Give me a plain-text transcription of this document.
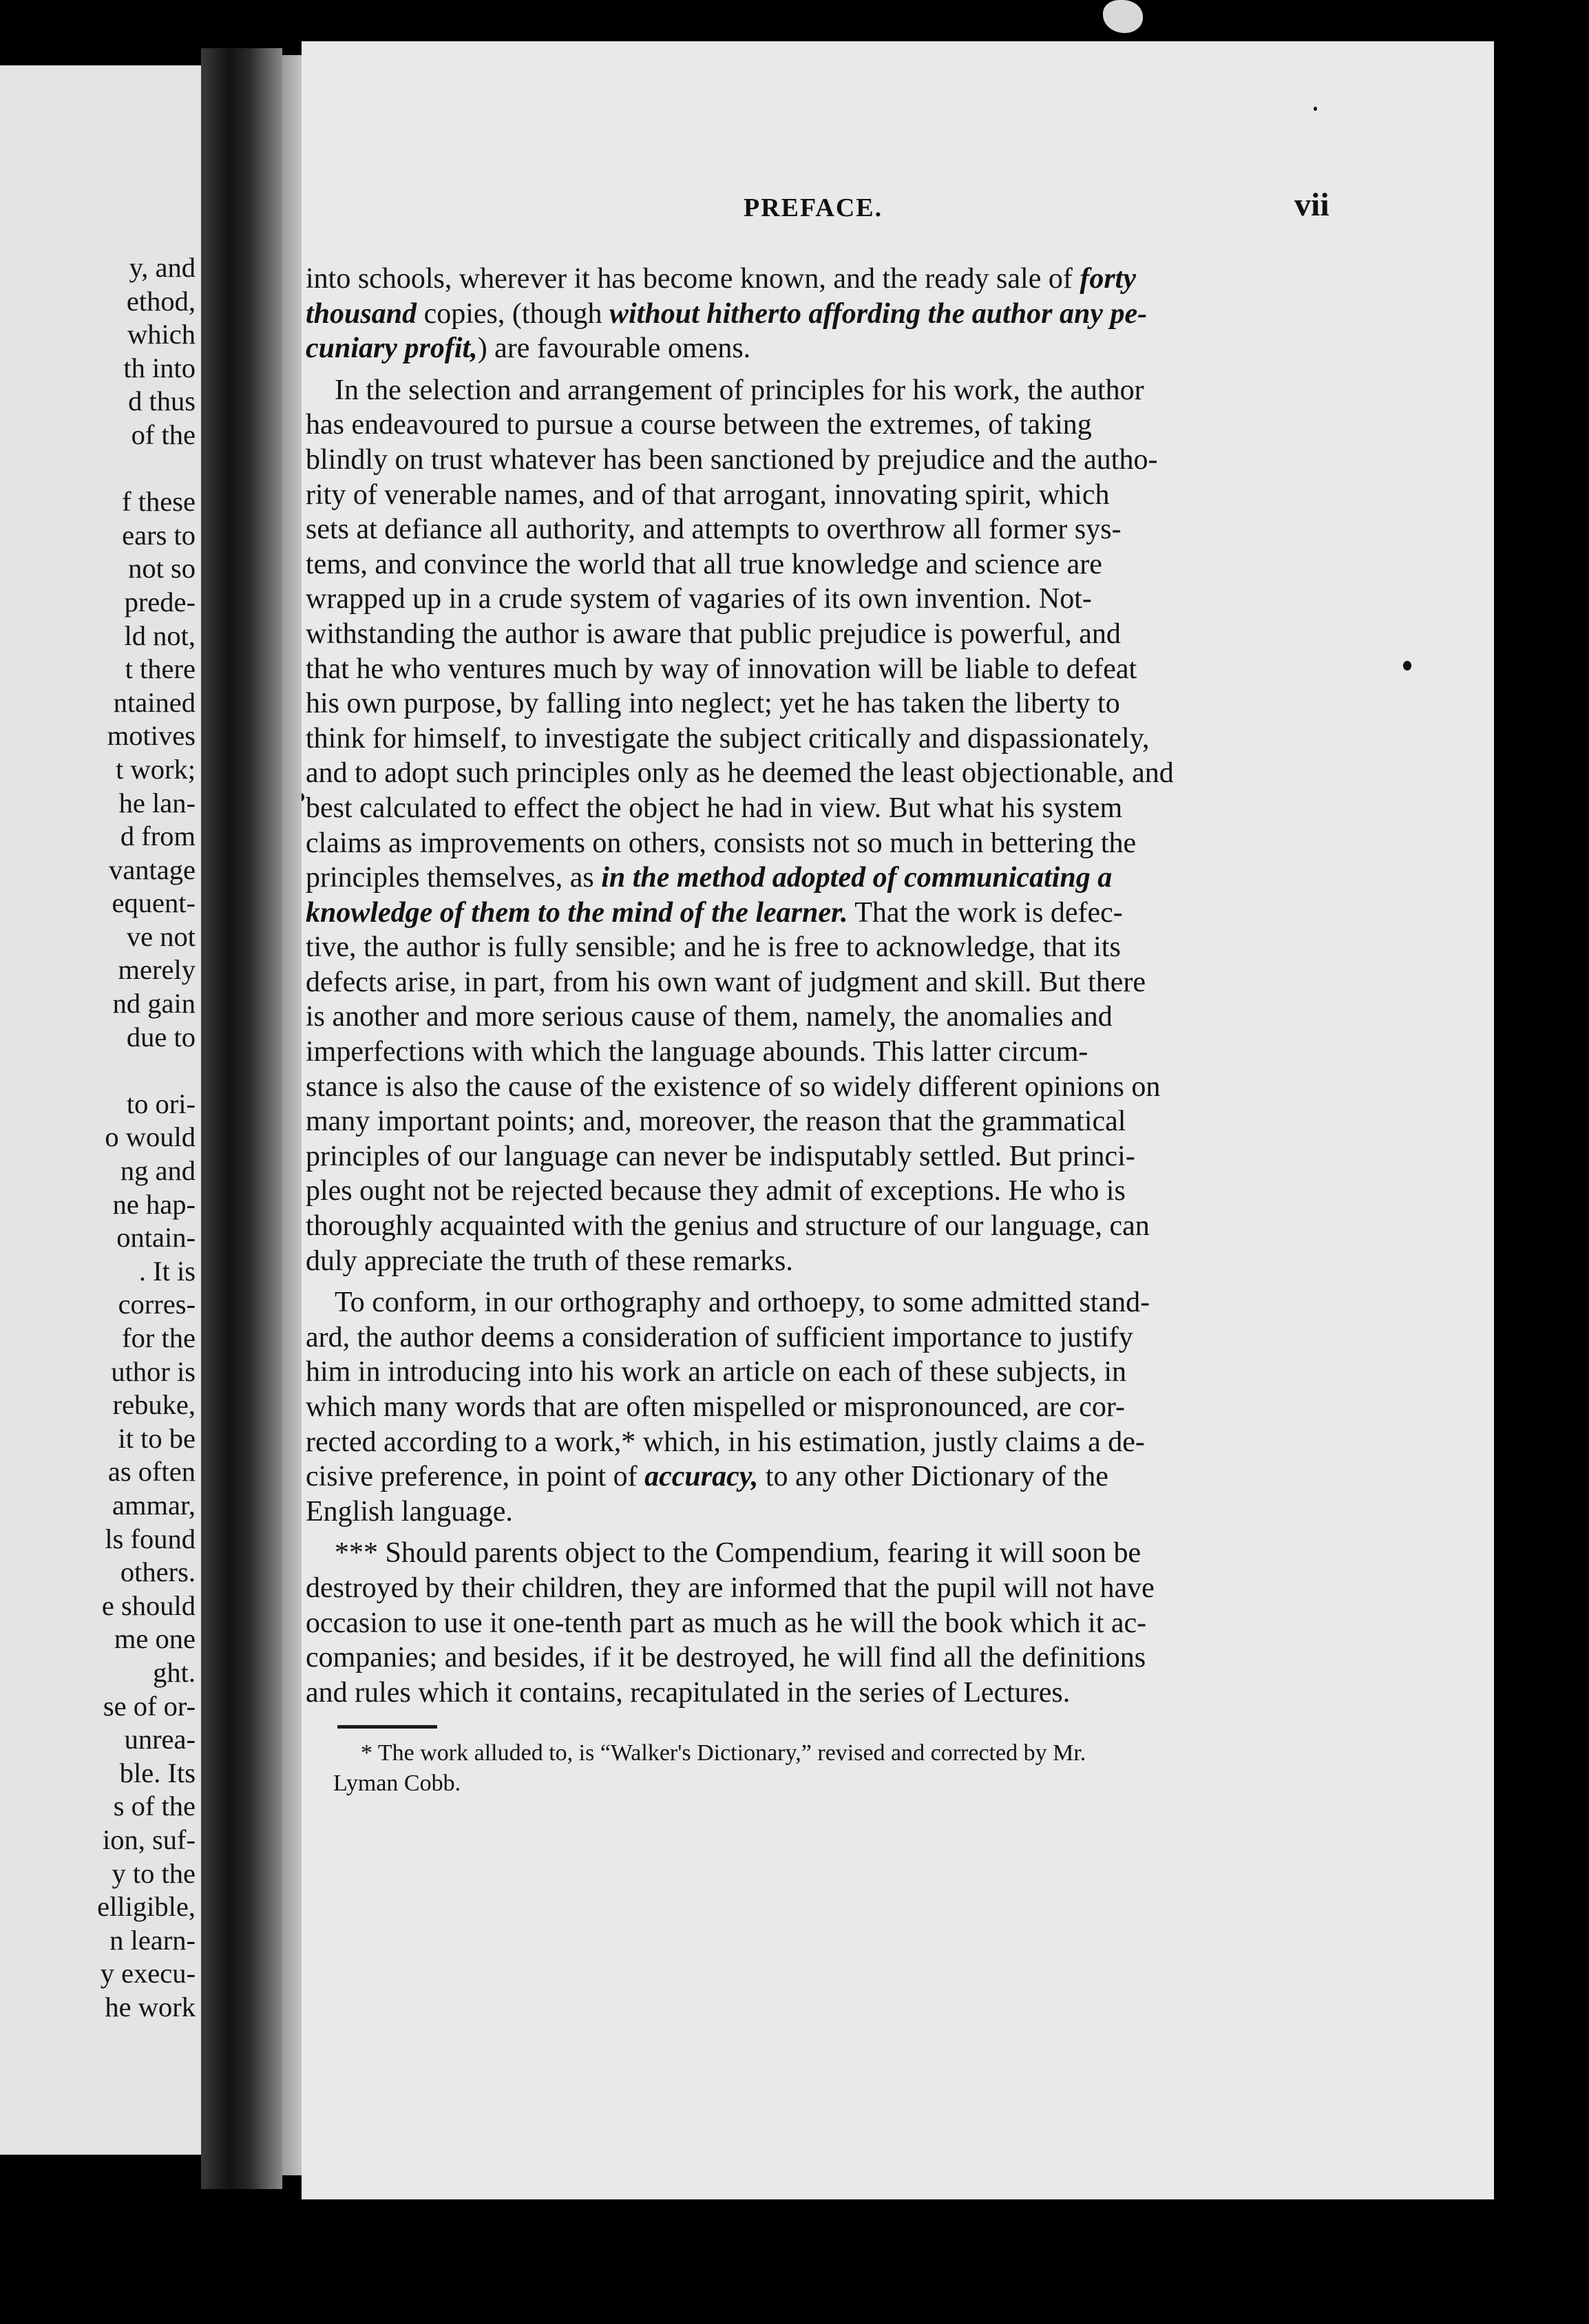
y, and
ethod,
which
th into
d thus
of the
f these
ears to
not so
prede-
ld not,
t there
ntained
motives
t work;
he lan-
d from
vantage
equent-
ve not
merely
nd gain
due to
to ori-
o would
ng and
ne hap-
ontain-
. It is
corres-
for the
uthor is
rebuke,
it to be
as often
ammar,
ls found
others.
e should
me one
ght.
se of or-
unrea-
ble. Its
s of the
ion, suf-
y to the
elligible,
n learn-
y execu-
he work
PREFACE.	vii
into schools, wherever it has become known, and the ready sale of forty
thousand copies, (though without hitherto affording the author any pe-
cuniary profit,) are favourable omens.
In the selection and arrangement of principles for his work, the author
has endeavoured to pursue a course between the extremes, of taking
blindly on trust whatever has been sanctioned by prejudice and the autho-
rity of venerable names, and of that arrogant, innovating spirit, which
sets at defiance all authority, and attempts to overthrow all former sys-
tems, and convince the world that all true knowledge and science are
wrapped up in a crude system of vagaries of its own invention. Not-
withstanding the author is aware that public prejudice is powerful, and
that he who ventures much by way of innovation will be liable to defeat
his own purpose, by falling into neglect; yet he has taken the liberty to
think for himself, to investigate the subject critically and dispassionately,
and to adopt such principles only as he deemed the least objectionable, and
best calculated to effect the object he had in view. But what his system
claims as improvements on others, consists not so much in bettering the
principles themselves, as in the method adopted of communicating a
knowledge of them to the mind of the learner. That the work is defec-
tive, the author is fully sensible; and he is free to acknowledge, that its
defects arise, in part, from his own want of judgment and skill. But there
is another and more serious cause of them, namely, the anomalies and
imperfections with which the language abounds. This latter circum-
stance is also the cause of the existence of so widely different opinions on
many important points; and, moreover, the reason that the grammatical
principles of our language can never be indisputably settled. But princi-
ples ought not be rejected because they admit of exceptions. He who is
thoroughly acquainted with the genius and structure of our language, can
duly appreciate the truth of these remarks.
To conform, in our orthography and orthoepy, to some admitted stand-
ard, the author deems a consideration of sufficient importance to justify
him in introducing into his work an article on each of these subjects, in
which many words that are often mispelled or mispronounced, are cor-
rected according to a work,* which, in his estimation, justly claims a de-
cisive preference, in point of accuracy, to any other Dictionary of the
English language.
*** Should parents object to the Compendium, fearing it will soon be
destroyed by their children, they are informed that the pupil will not have
occasion to use it one-tenth part as much as he will the book which it ac-
companies; and besides, if it be destroyed, he will find all the definitions
and rules which it contains, recapitulated in the series of Lectures.
* The work alluded to, is “Walker's Dictionary,” revised and corrected by Mr.
Lyman Cobb.
